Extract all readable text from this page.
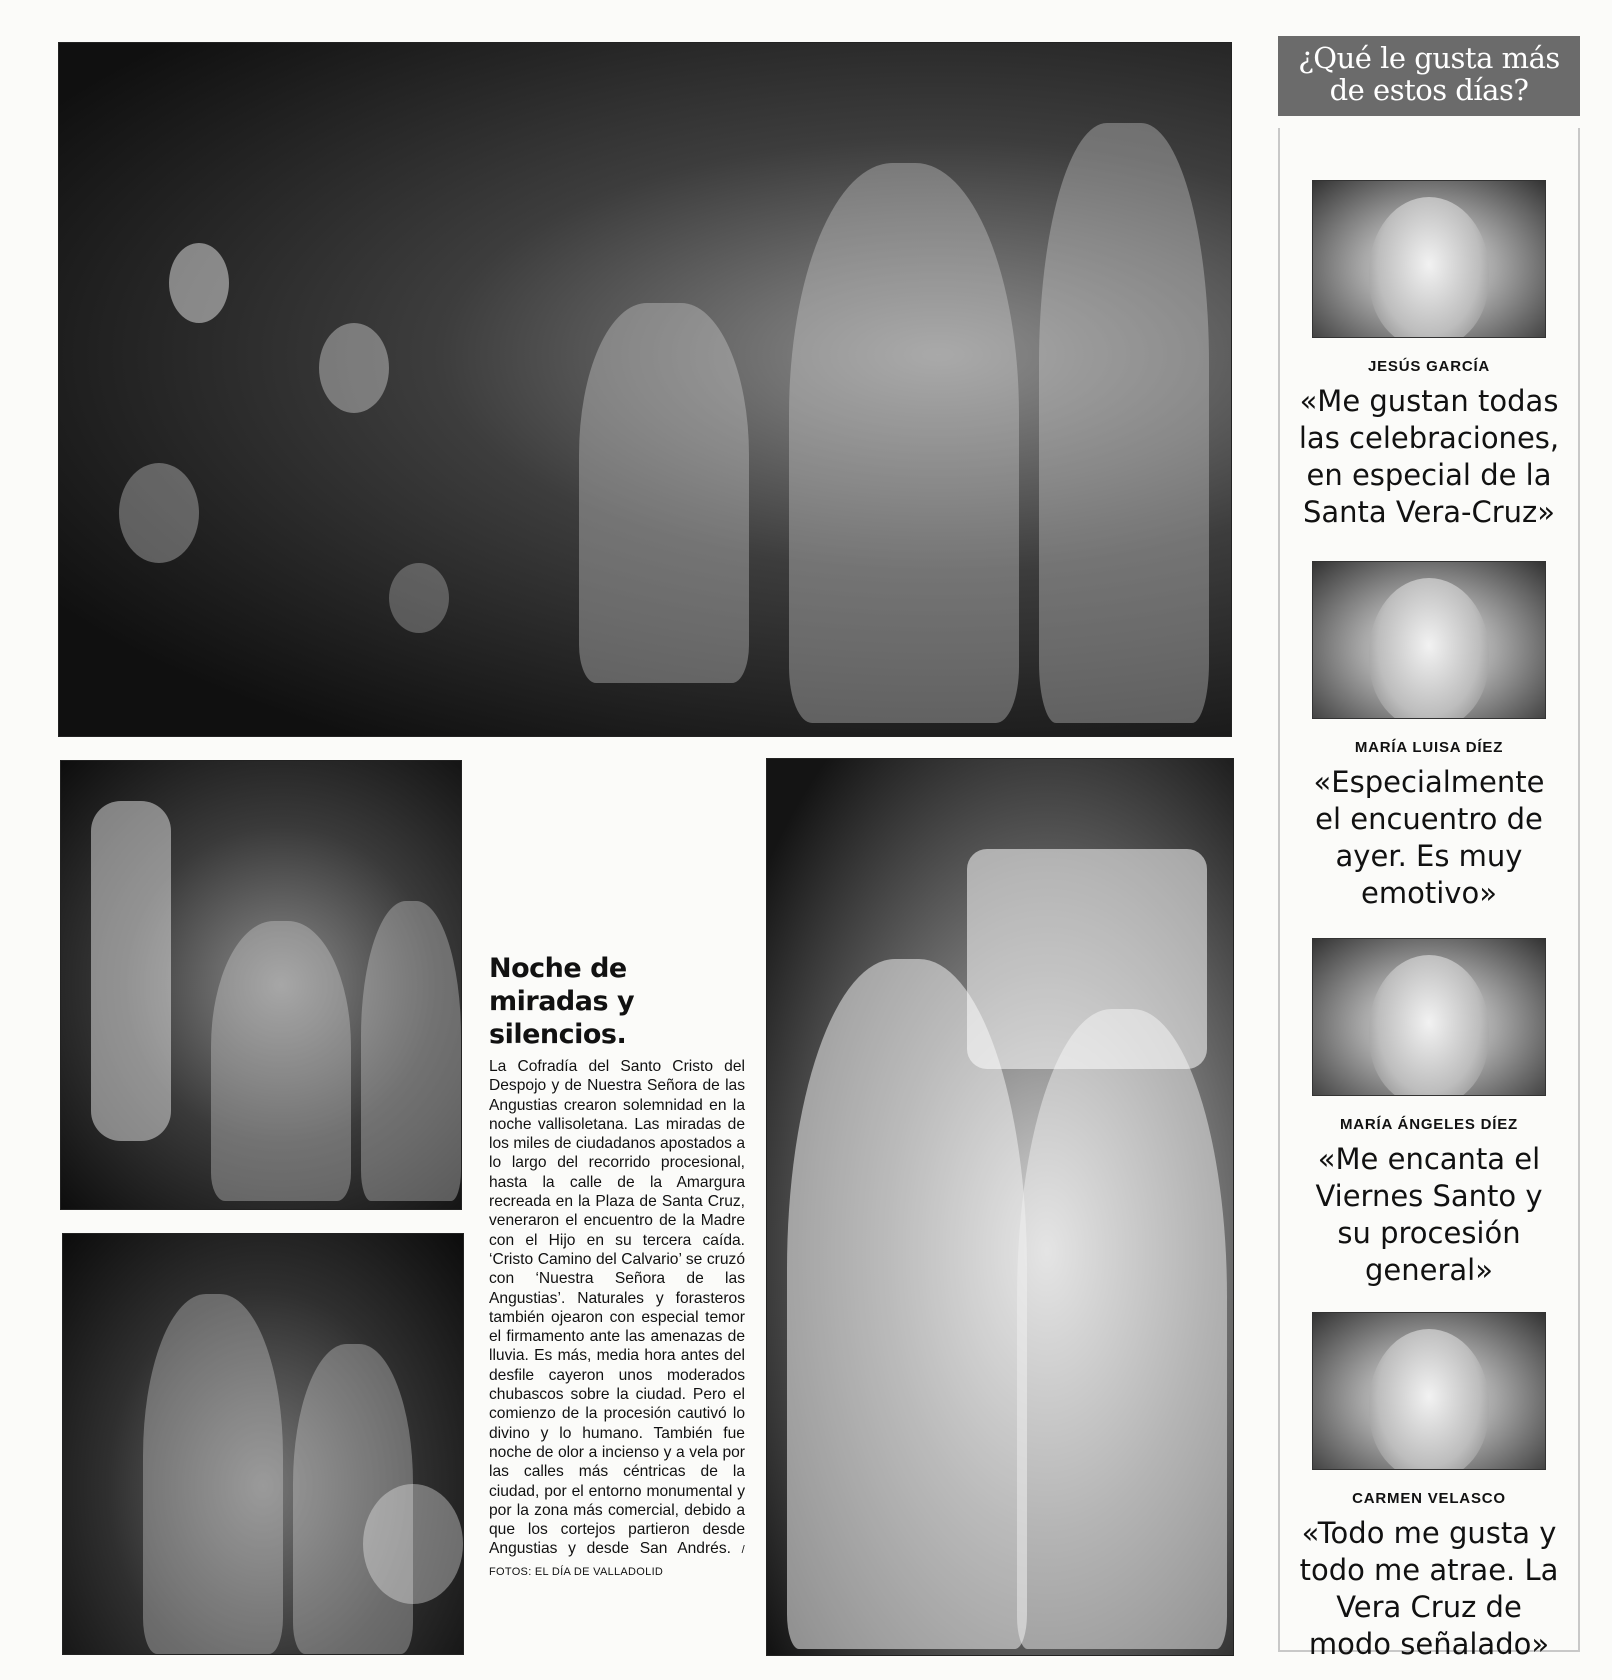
Noche de miradas y silencios.

La Cofradía del Santo Cristo del Despojo y de Nuestra Señora de las Angustias crearon solemnidad en la noche vallisoletana. Las miradas de los miles de ciudadanos apostados a lo largo del recorrido procesional, hasta la calle de la Amargura recreada en la Plaza de Santa Cruz, veneraron el encuentro de la Madre con el Hijo en su tercera caída. ‘Cristo Camino del Calvario’ se cruzó con ‘Nuestra Señora de las Angustias’. Naturales y forasteros también ojearon con especial temor el firmamento ante las amenazas de lluvia. Es más, media hora antes del desfile cayeron unos moderados chubascos sobre la ciudad. Pero el comienzo de la procesión cautivó lo divino y lo humano. También fue noche de olor a incienso y a vela por las calles más céntricas de la ciudad, por el entorno monumental y por la zona más comercial, debido a que los cortejos partieron desde Angustias y desde San Andrés. / FOTOS: EL DÍA DE VALLADOLID

¿Qué le gusta más de estos días?
JESÚS GARCÍA
«Me gustan todas las celebraciones, en especial de la Santa Vera-Cruz»
MARÍA LUISA DÍEZ
«Especialmente el encuentro de ayer. Es muy emotivo»
MARÍA ÁNGELES DÍEZ
«Me encanta el Viernes Santo y su procesión general»
CARMEN VELASCO
«Todo me gusta y todo me atrae. La Vera Cruz de modo señalado»
